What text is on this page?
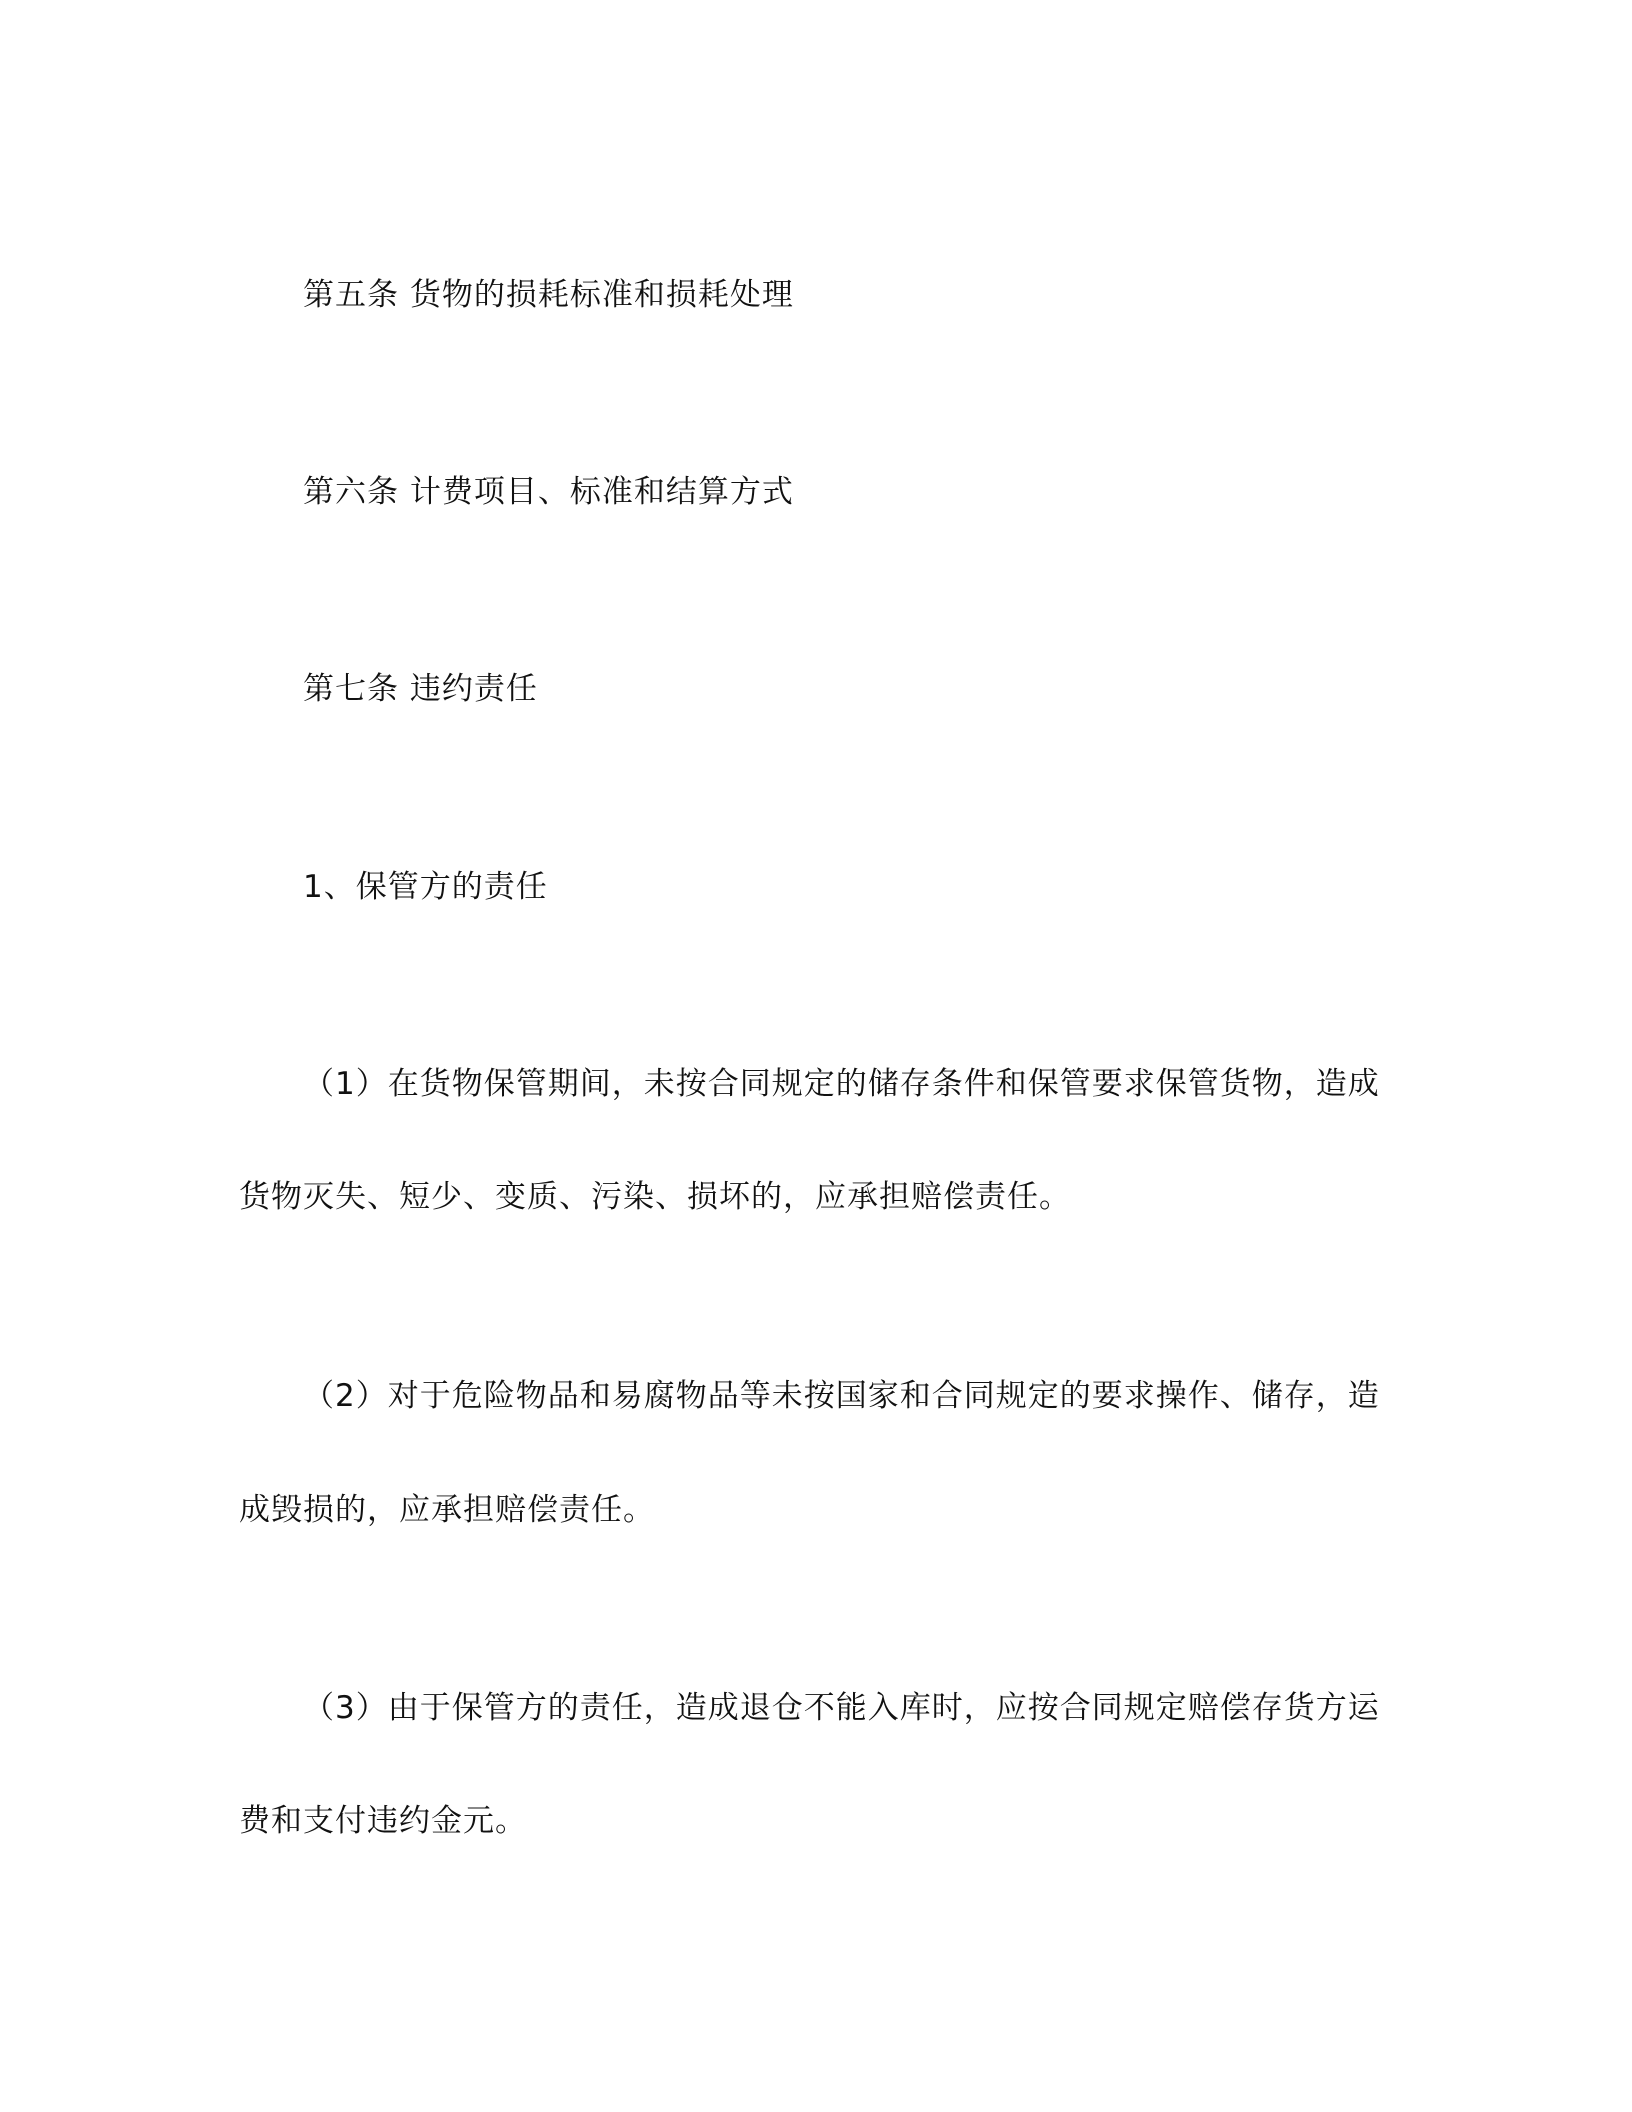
第五条 货物的损耗标准和损耗处理
第六条 计费项目、标准和结算方式
第七条 违约责任
1、保管方的责任
（1）在货物保管期间，未按合同规定的储存条件和保管要求保管货物，造成
货物灭失、短少、变质、污染、损坏的，应承担赔偿责任。
（2）对于危险物品和易腐物品等未按国家和合同规定的要求操作、储存，造
成毁损的，应承担赔偿责任。
（3）由于保管方的责任，造成退仓不能入库时，应按合同规定赔偿存货方运
费和支付违约金元。
